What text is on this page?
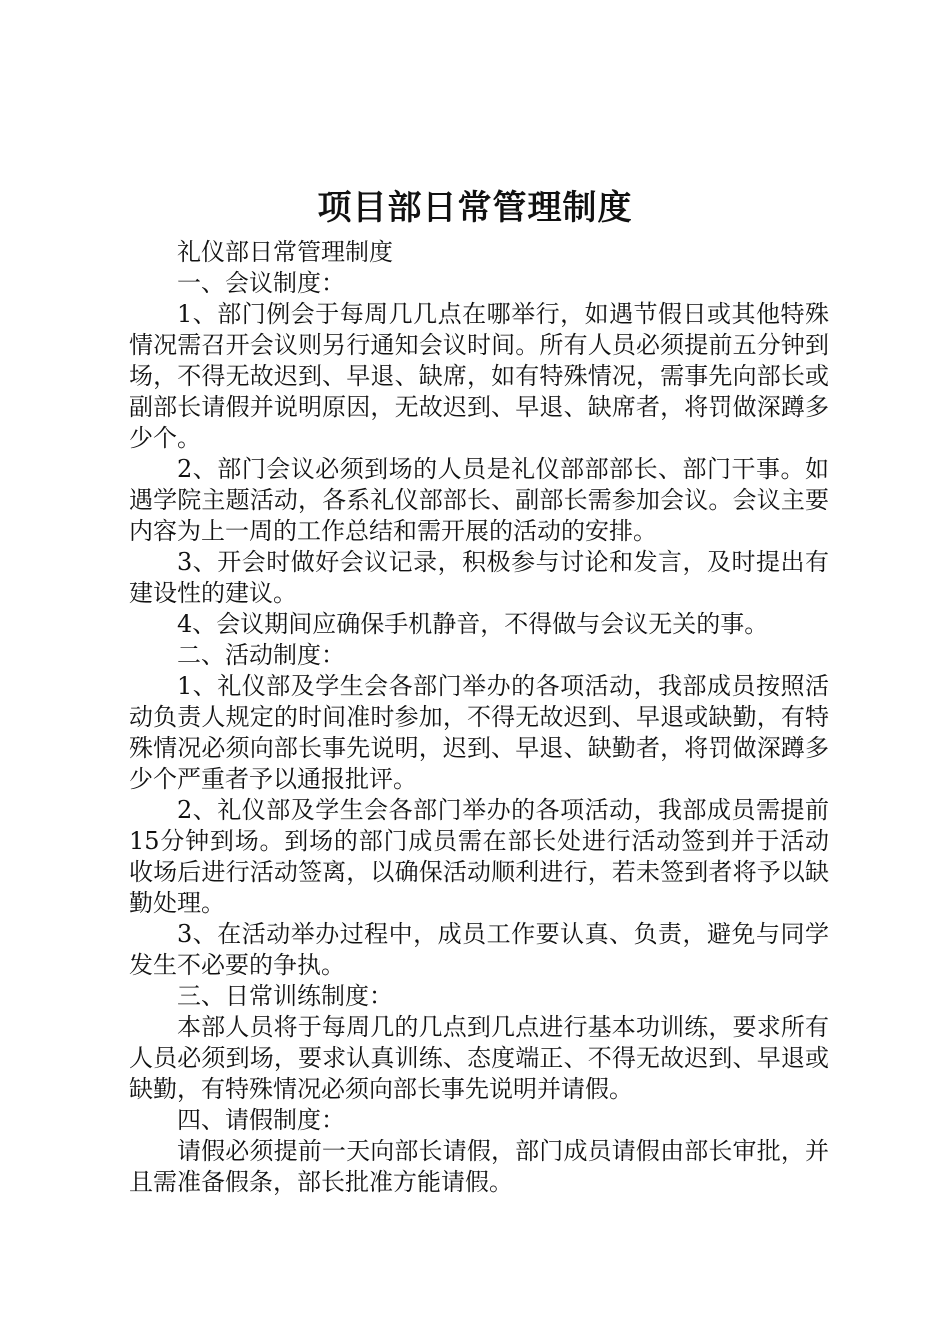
项目部日常管理制度

礼仪部日常管理制度

一、会议制度：

1、部门例会于每周几几点在哪举行，如遇节假日或其他特殊情况需召开会议则另行通知会议时间。所有人员必须提前五分钟到场，不得无故迟到、早退、缺席，如有特殊情况，需事先向部长或副部长请假并说明原因，无故迟到、早退、缺席者，将罚做深蹲多少个。

2、部门会议必须到场的人员是礼仪部部部长、部门干事。如遇学院主题活动，各系礼仪部部长、副部长需参加会议。会议主要内容为上一周的工作总结和需开展的活动的安排。

3、开会时做好会议记录，积极参与讨论和发言，及时提出有建设性的建议。

4、会议期间应确保手机静音，不得做与会议无关的事。

二、活动制度：

1、礼仪部及学生会各部门举办的各项活动，我部成员按照活动负责人规定的时间准时参加，不得无故迟到、早退或缺勤，有特殊情况必须向部长事先说明，迟到、早退、缺勤者，将罚做深蹲多少个严重者予以通报批评。

2、礼仪部及学生会各部门举办的各项活动，我部成员需提前15分钟到场。到场的部门成员需在部长处进行活动签到并于活动收场后进行活动签离，以确保活动顺利进行，若未签到者将予以缺勤处理。

3、在活动举办过程中，成员工作要认真、负责，避免与同学发生不必要的争执。

三、日常训练制度：

本部人员将于每周几的几点到几点进行基本功训练，要求所有人员必须到场，要求认真训练、态度端正、不得无故迟到、早退或缺勤，有特殊情况必须向部长事先说明并请假。

四、请假制度：

请假必须提前一天向部长请假，部门成员请假由部长审批，并且需准备假条，部长批准方能请假。
